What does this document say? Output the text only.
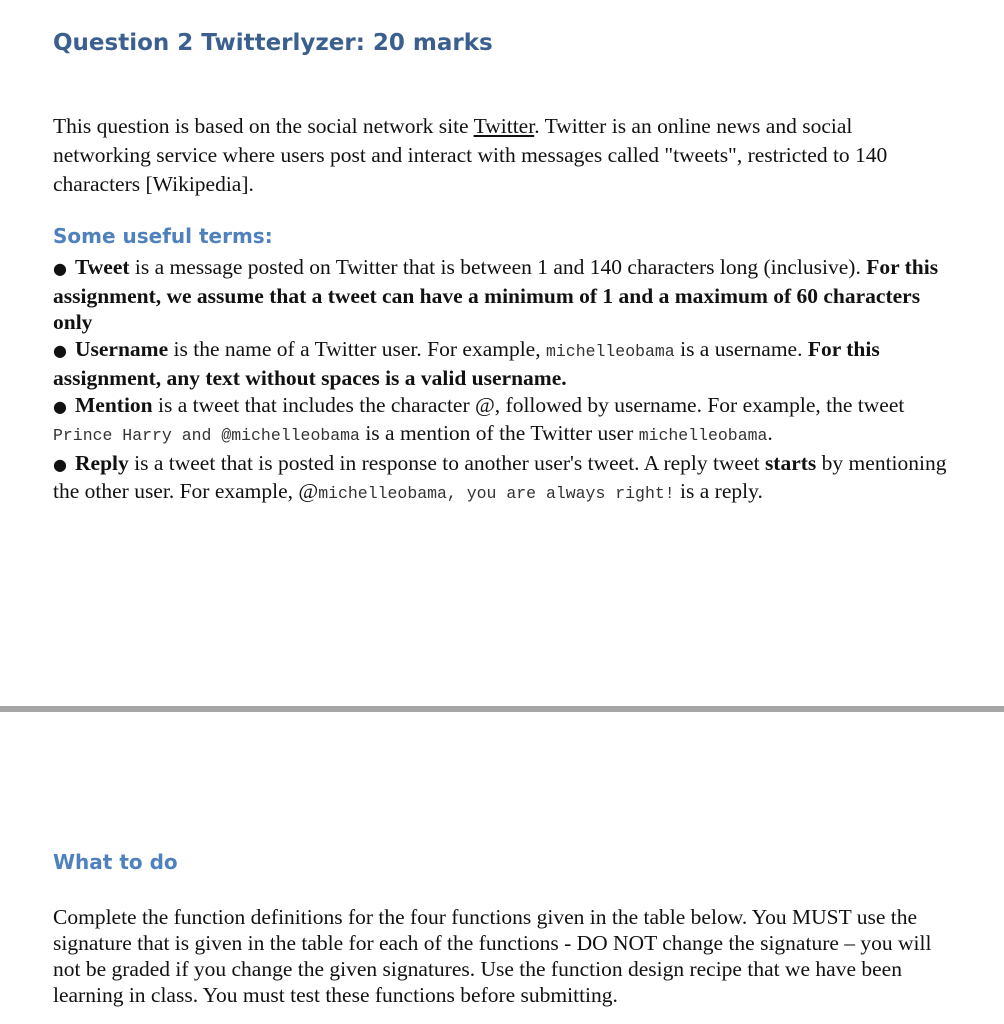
Question 2 Twitterlyzer: 20 marks

This question is based on the social network site Twitter. Twitter is an online news and social networking service where users post and interact with messages called "tweets", restricted to 140 characters [Wikipedia].

Some useful terms:
● Tweet is a message posted on Twitter that is between 1 and 140 characters long (inclusive). For this assignment, we assume that a tweet can have a minimum of 1 and a maximum of 60 characters only
● Username is the name of a Twitter user. For example, michelleobama is a username. For this assignment, any text without spaces is a valid username.
● Mention is a tweet that includes the character @, followed by username. For example, the tweet Prince Harry and @michelleobama is a mention of the Twitter user michelleobama.
● Reply is a tweet that is posted in response to another user's tweet. A reply tweet starts by mentioning the other user. For example, @michelleobama, you are always right! is a reply.
What to do

Complete the function definitions for the four functions given in the table below. You MUST use the signature that is given in the table for each of the functions - DO NOT change the signature – you will not be graded if you change the given signatures. Use the function design recipe that we have been learning in class. You must test these functions before submitting.
